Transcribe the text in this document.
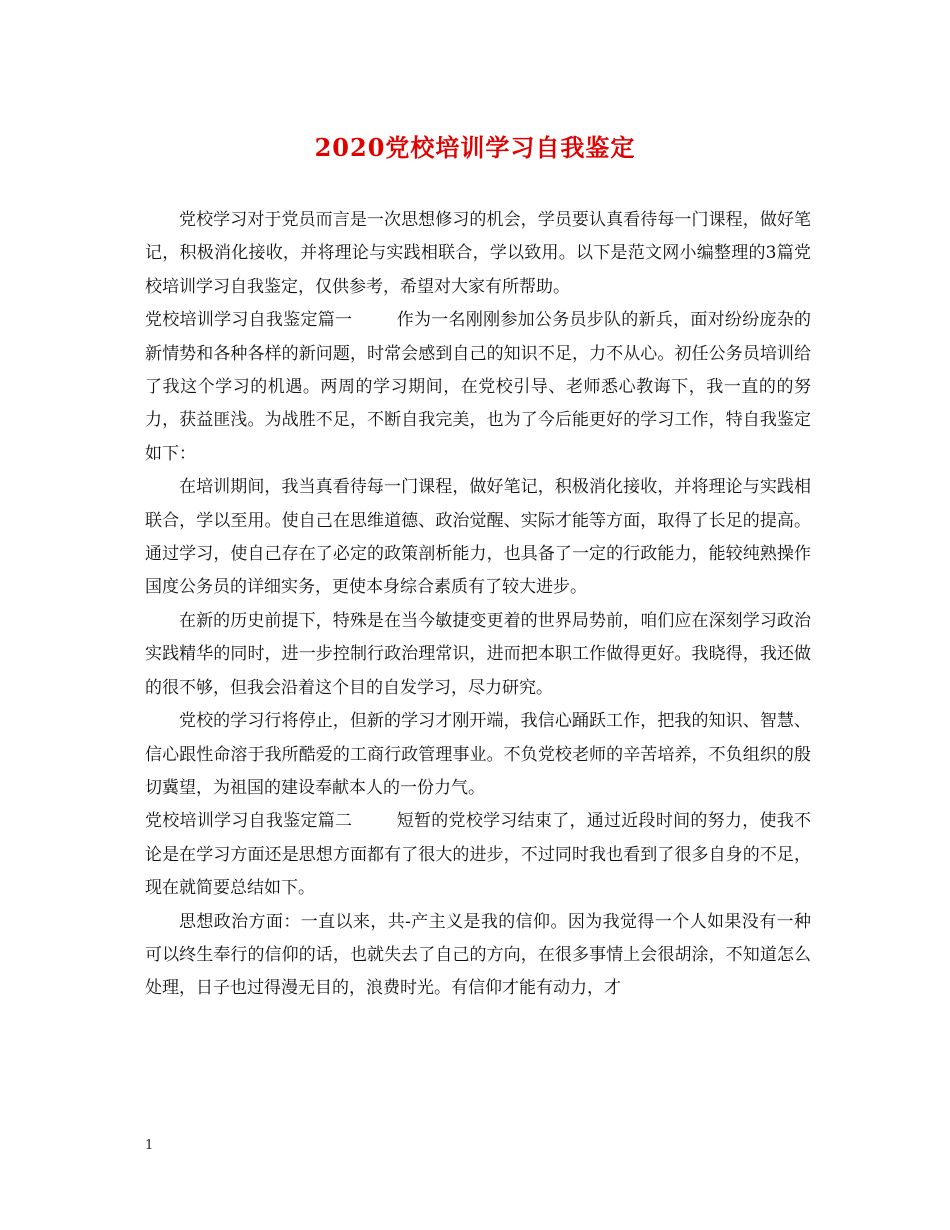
2020党校培训学习自我鉴定

党校学习对于党员而言是一次思想修习的机会，学员要认真看待每一门课程，做好笔记，积极消化接收，并将理论与实践相联合，学以致用。以下是范文网小编整理的3篇党校培训学习自我鉴定，仅供参考，希望对大家有所帮助。

党校培训学习自我鉴定篇一	作为一名刚刚参加公务员步队的新兵，面对纷纷庞杂的新情势和各种各样的新问题，时常会感到自己的知识不足，力不从心。初任公务员培训给了我这个学习的机遇。两周的学习期间，在党校引导、老师悉心教诲下，我一直的的努力，获益匪浅。为战胜不足，不断自我完美，也为了今后能更好的学习工作，特自我鉴定如下：

在培训期间，我当真看待每一门课程，做好笔记，积极消化接收，并将理论与实践相联合，学以至用。使自己在思维道德、政治觉醒、实际才能等方面，取得了长足的提高。通过学习，使自己存在了必定的政策剖析能力，也具备了一定的行政能力，能较纯熟操作国度公务员的详细实务，更使本身综合素质有了较大进步。

在新的历史前提下，特殊是在当今敏捷变更着的世界局势前，咱们应在深刻学习政治实践精华的同时，进一步控制行政治理常识，进而把本职工作做得更好。我晓得，我还做的很不够，但我会沿着这个目的自发学习，尽力研究。

党校的学习行将停止，但新的学习才刚开端，我信心踊跃工作，把我的知识、智慧、信心跟性命溶于我所酷爱的工商行政管理事业。不负党校老师的辛苦培养，不负组织的殷切冀望，为祖国的建设奉献本人的一份力气。

党校培训学习自我鉴定篇二	短暂的党校学习结束了，通过近段时间的努力，使我不论是在学习方面还是思想方面都有了很大的进步，不过同时我也看到了很多自身的不足，现在就简要总结如下。

思想政治方面：一直以来，共-产主义是我的信仰。因为我觉得一个人如果没有一种可以终生奉行的信仰的话，也就失去了自己的方向，在很多事情上会很胡涂，不知道怎么处理，日子也过得漫无目的，浪费时光。有信仰才能有动力，才

1
